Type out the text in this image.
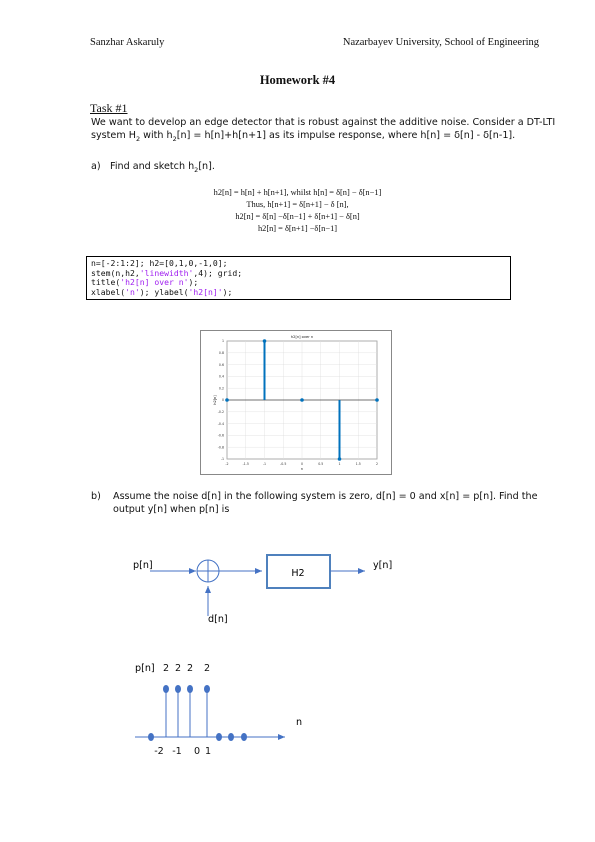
Sanzhar Askaruly	Nazarbayev University, School of Engineering
Homework #4
Task #1
We want to develop an edge detector that is robust against the additive noise. Consider a DT-LTI
system $H_2$ with $h_2[n] = h[n]+h[n+1]$ as its impulse response, where h[n] = δ[n] - δ[n-1].
a) Find and sketch $h_2[n]$.
h2[n] = h[n] + h[n+1], whilst h[n] = δ[n] − δ[n−1]
Thus, h[n+1] = δ[n+1] − δ [n],
h2[n] = δ[n] −δ[n−1] + δ[n+1] − δ[n]
h2[n] = δ[n+1] −δ[n−1]
n=[-2:1:2]; h2=[0,1,0,-1,0];
stem(n,h2,'linewidth',4); grid;
title('h2[n] over n');
xlabel('n'); ylabel('h2[n]');
-2	-1.5	-1	-0.5	0	0.5	1	1.5	2
1
0.8
0.6
0.4
0.2
0
-0.2
-0.4
-0.6
-0.8
-1
h2[n] over n
n
h2[n]
b) Assume the noise d[n] in the following system is zero, d[n] = 0 and x[n] = p[n]. Find the
output y[n] when p[n] is
p[n]
H2
y[n]
d[n]
p[n]
n
2 2 2 2
-2 -1 0 1
